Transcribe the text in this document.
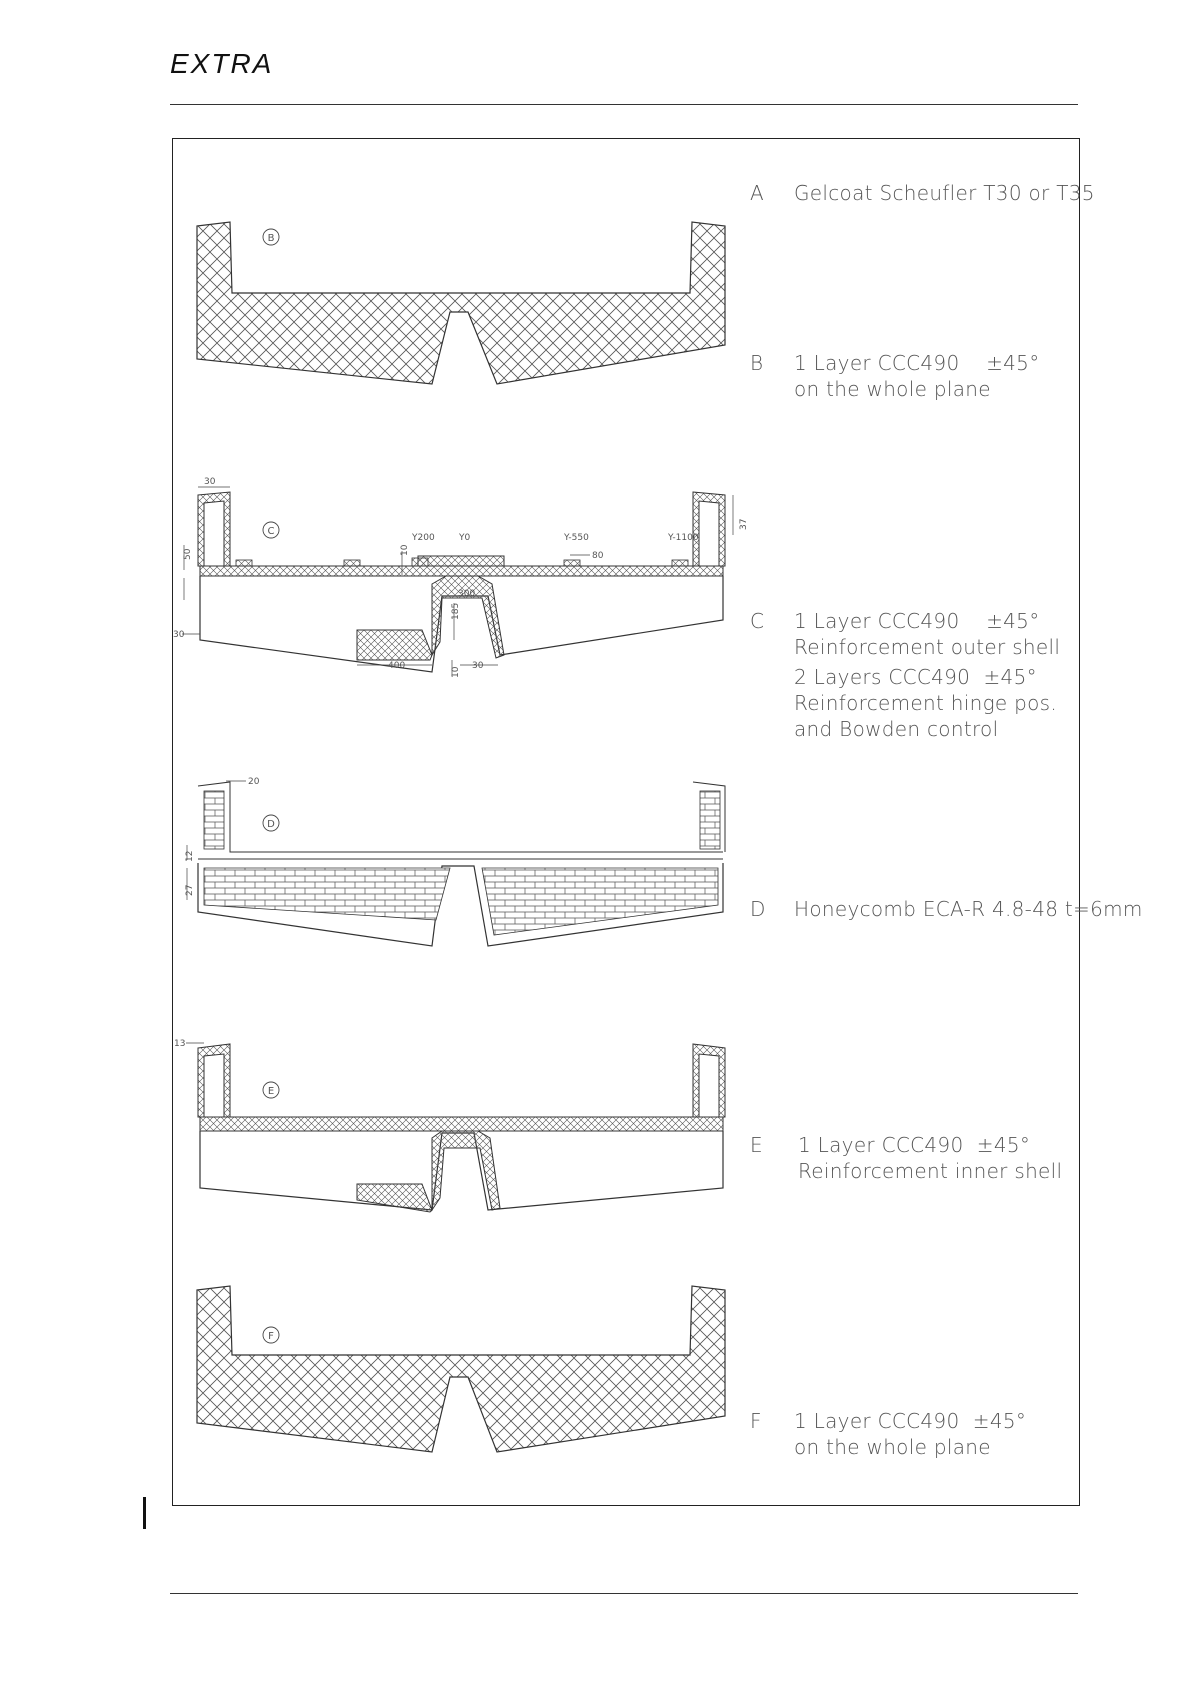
EXTRA
B
C
D
E
F
30
37
50	10
Y200	Y0	Y-550
80
Y-1100
300
185
30
400	30
10
20
12
27
13
A Gelcoat Scheufler T30 or T35
B 1 Layer CCC490    ±45°
on the whole plane
C 1 Layer CCC490    ±45°
Reinforcement outer shell
2 Layers CCC490  ±45°
Reinforcement hinge pos.
and Bowden control
D Honeycomb ECA-R 4.8-48 t=6mm
E 1 Layer CCC490  ±45°
Reinforcement inner shell
F 1 Layer CCC490  ±45°
on the whole plane
